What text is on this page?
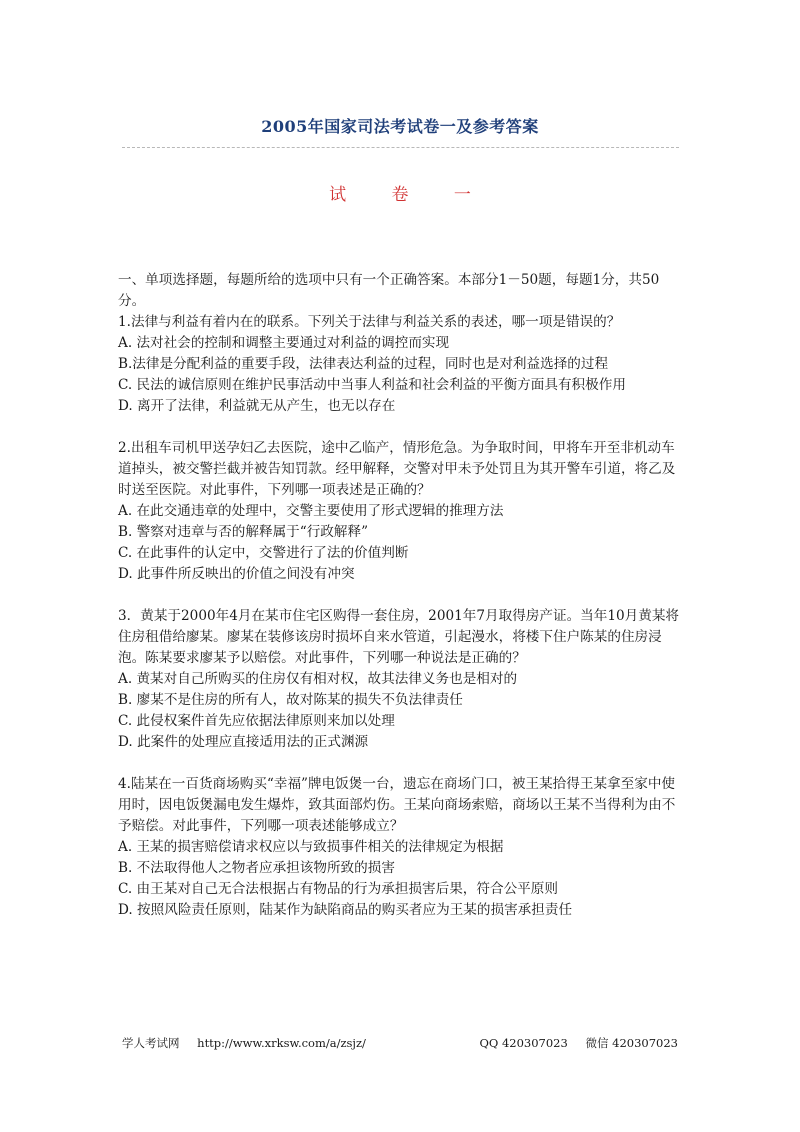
2005年国家司法考试卷一及参考答案
试 卷 一

一、单项选择题，每题所给的选项中只有一个正确答案。本部分1－50题，每题1分，共50分。

1.法律与利益有着内在的联系。下列关于法律与利益关系的表述，哪一项是错误的？

A. 法对社会的控制和调整主要通过对利益的调控而实现

B.法律是分配利益的重要手段，法律表达利益的过程，同时也是对利益选择的过程

C. 民法的诚信原则在维护民事活动中当事人利益和社会利益的平衡方面具有积极作用

D. 离开了法律，利益就无从产生，也无以存在

2.出租车司机甲送孕妇乙去医院，途中乙临产，情形危急。为争取时间，甲将车开至非机动车道掉头，被交警拦截并被告知罚款。经甲解释，交警对甲未予处罚且为其开警车引道，将乙及时送至医院。对此事件，下列哪一项表述是正确的？

A. 在此交通违章的处理中，交警主要使用了形式逻辑的推理方法

B. 警察对违章与否的解释属于“行政解释”

C. 在此事件的认定中，交警进行了法的价值判断

D. 此事件所反映出的价值之间没有冲突

3．黄某于2000年4月在某市住宅区购得一套住房，2001年7月取得房产证。当年10月黄某将住房租借给廖某。廖某在装修该房时损坏自来水管道，引起漫水，将楼下住户陈某的住房浸泡。陈某要求廖某予以赔偿。对此事件，下列哪一种说法是正确的？

A. 黄某对自己所购买的住房仅有相对权，故其法律义务也是相对的

B. 廖某不是住房的所有人，故对陈某的损失不负法律责任

C. 此侵权案件首先应依据法律原则来加以处理

D. 此案件的处理应直接适用法的正式渊源

4.陆某在一百货商场购买“幸福”牌电饭煲一台，遗忘在商场门口，被王某拾得王某拿至家中使用时，因电饭煲漏电发生爆炸，致其面部灼伤。王某向商场索赔，商场以王某不当得利为由不予赔偿。对此事件，下列哪一项表述能够成立？

A. 王某的损害赔偿请求权应以与致损事件相关的法律规定为根据

B. 不法取得他人之物者应承担该物所致的损害

C. 由王某对自己无合法根据占有物品的行为承担损害后果，符合公平原则

D. 按照风险责任原则，陆某作为缺陷商品的购买者应为王某的损害承担责任

学人考试网 http://www.xrksw.com/a/zsjz/	QQ 420307023 微信 420307023
